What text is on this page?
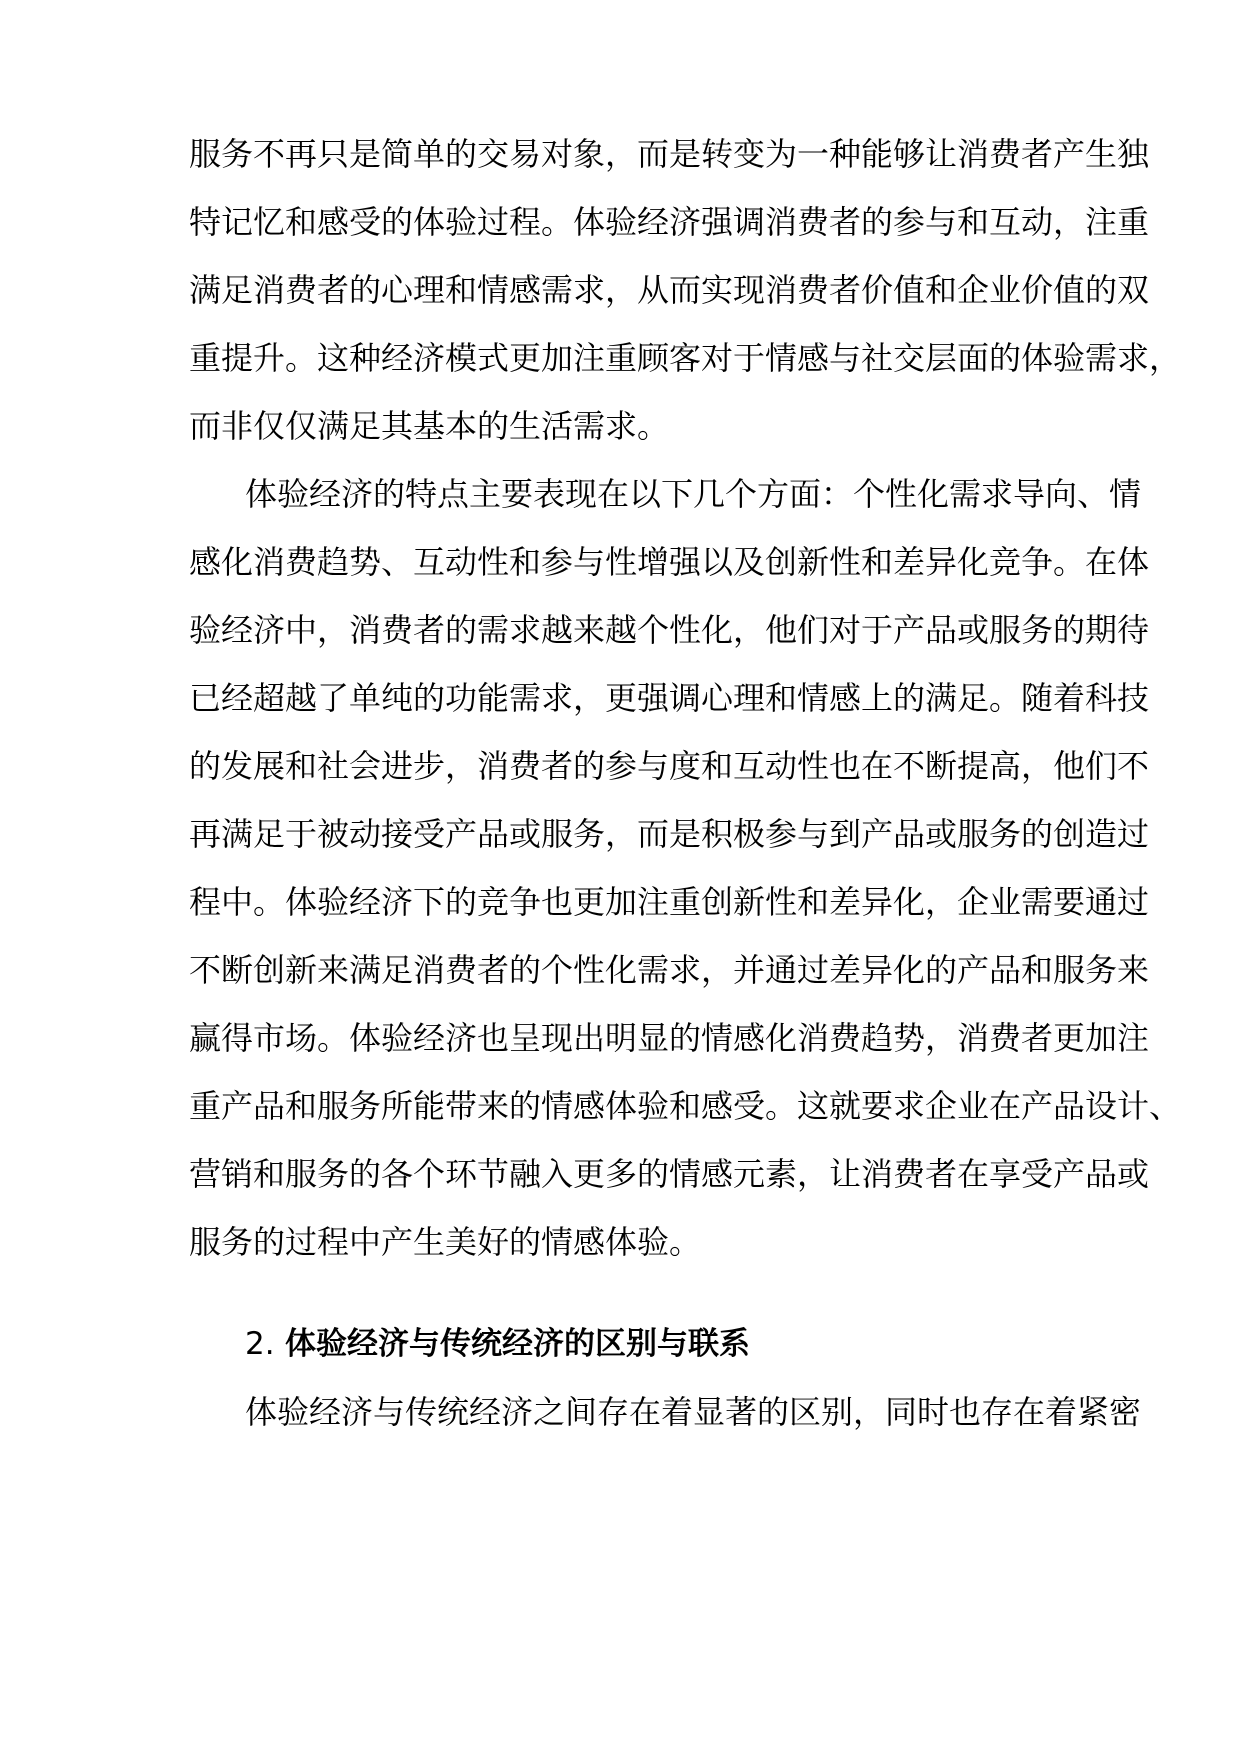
服务不再只是简单的交易对象，而是转变为一种能够让消费者产生独
特记忆和感受的体验过程。体验经济强调消费者的参与和互动，注重
满足消费者的心理和情感需求，从而实现消费者价值和企业价值的双
重提升。这种经济模式更加注重顾客对于情感与社交层面的体验需求，
而非仅仅满足其基本的生活需求。
体验经济的特点主要表现在以下几个方面：个性化需求导向、情
感化消费趋势、互动性和参与性增强以及创新性和差异化竞争。在体
验经济中，消费者的需求越来越个性化，他们对于产品或服务的期待
已经超越了单纯的功能需求，更强调心理和情感上的满足。随着科技
的发展和社会进步，消费者的参与度和互动性也在不断提高，他们不
再满足于被动接受产品或服务，而是积极参与到产品或服务的创造过
程中。体验经济下的竞争也更加注重创新性和差异化，企业需要通过
不断创新来满足消费者的个性化需求，并通过差异化的产品和服务来
赢得市场。体验经济也呈现出明显的情感化消费趋势，消费者更加注
重产品和服务所能带来的情感体验和感受。这就要求企业在产品设计、
营销和服务的各个环节融入更多的情感元素，让消费者在享受产品或
服务的过程中产生美好的情感体验。
2. 体验经济与传统经济的区别与联系
体验经济与传统经济之间存在着显著的区别，同时也存在着紧密
